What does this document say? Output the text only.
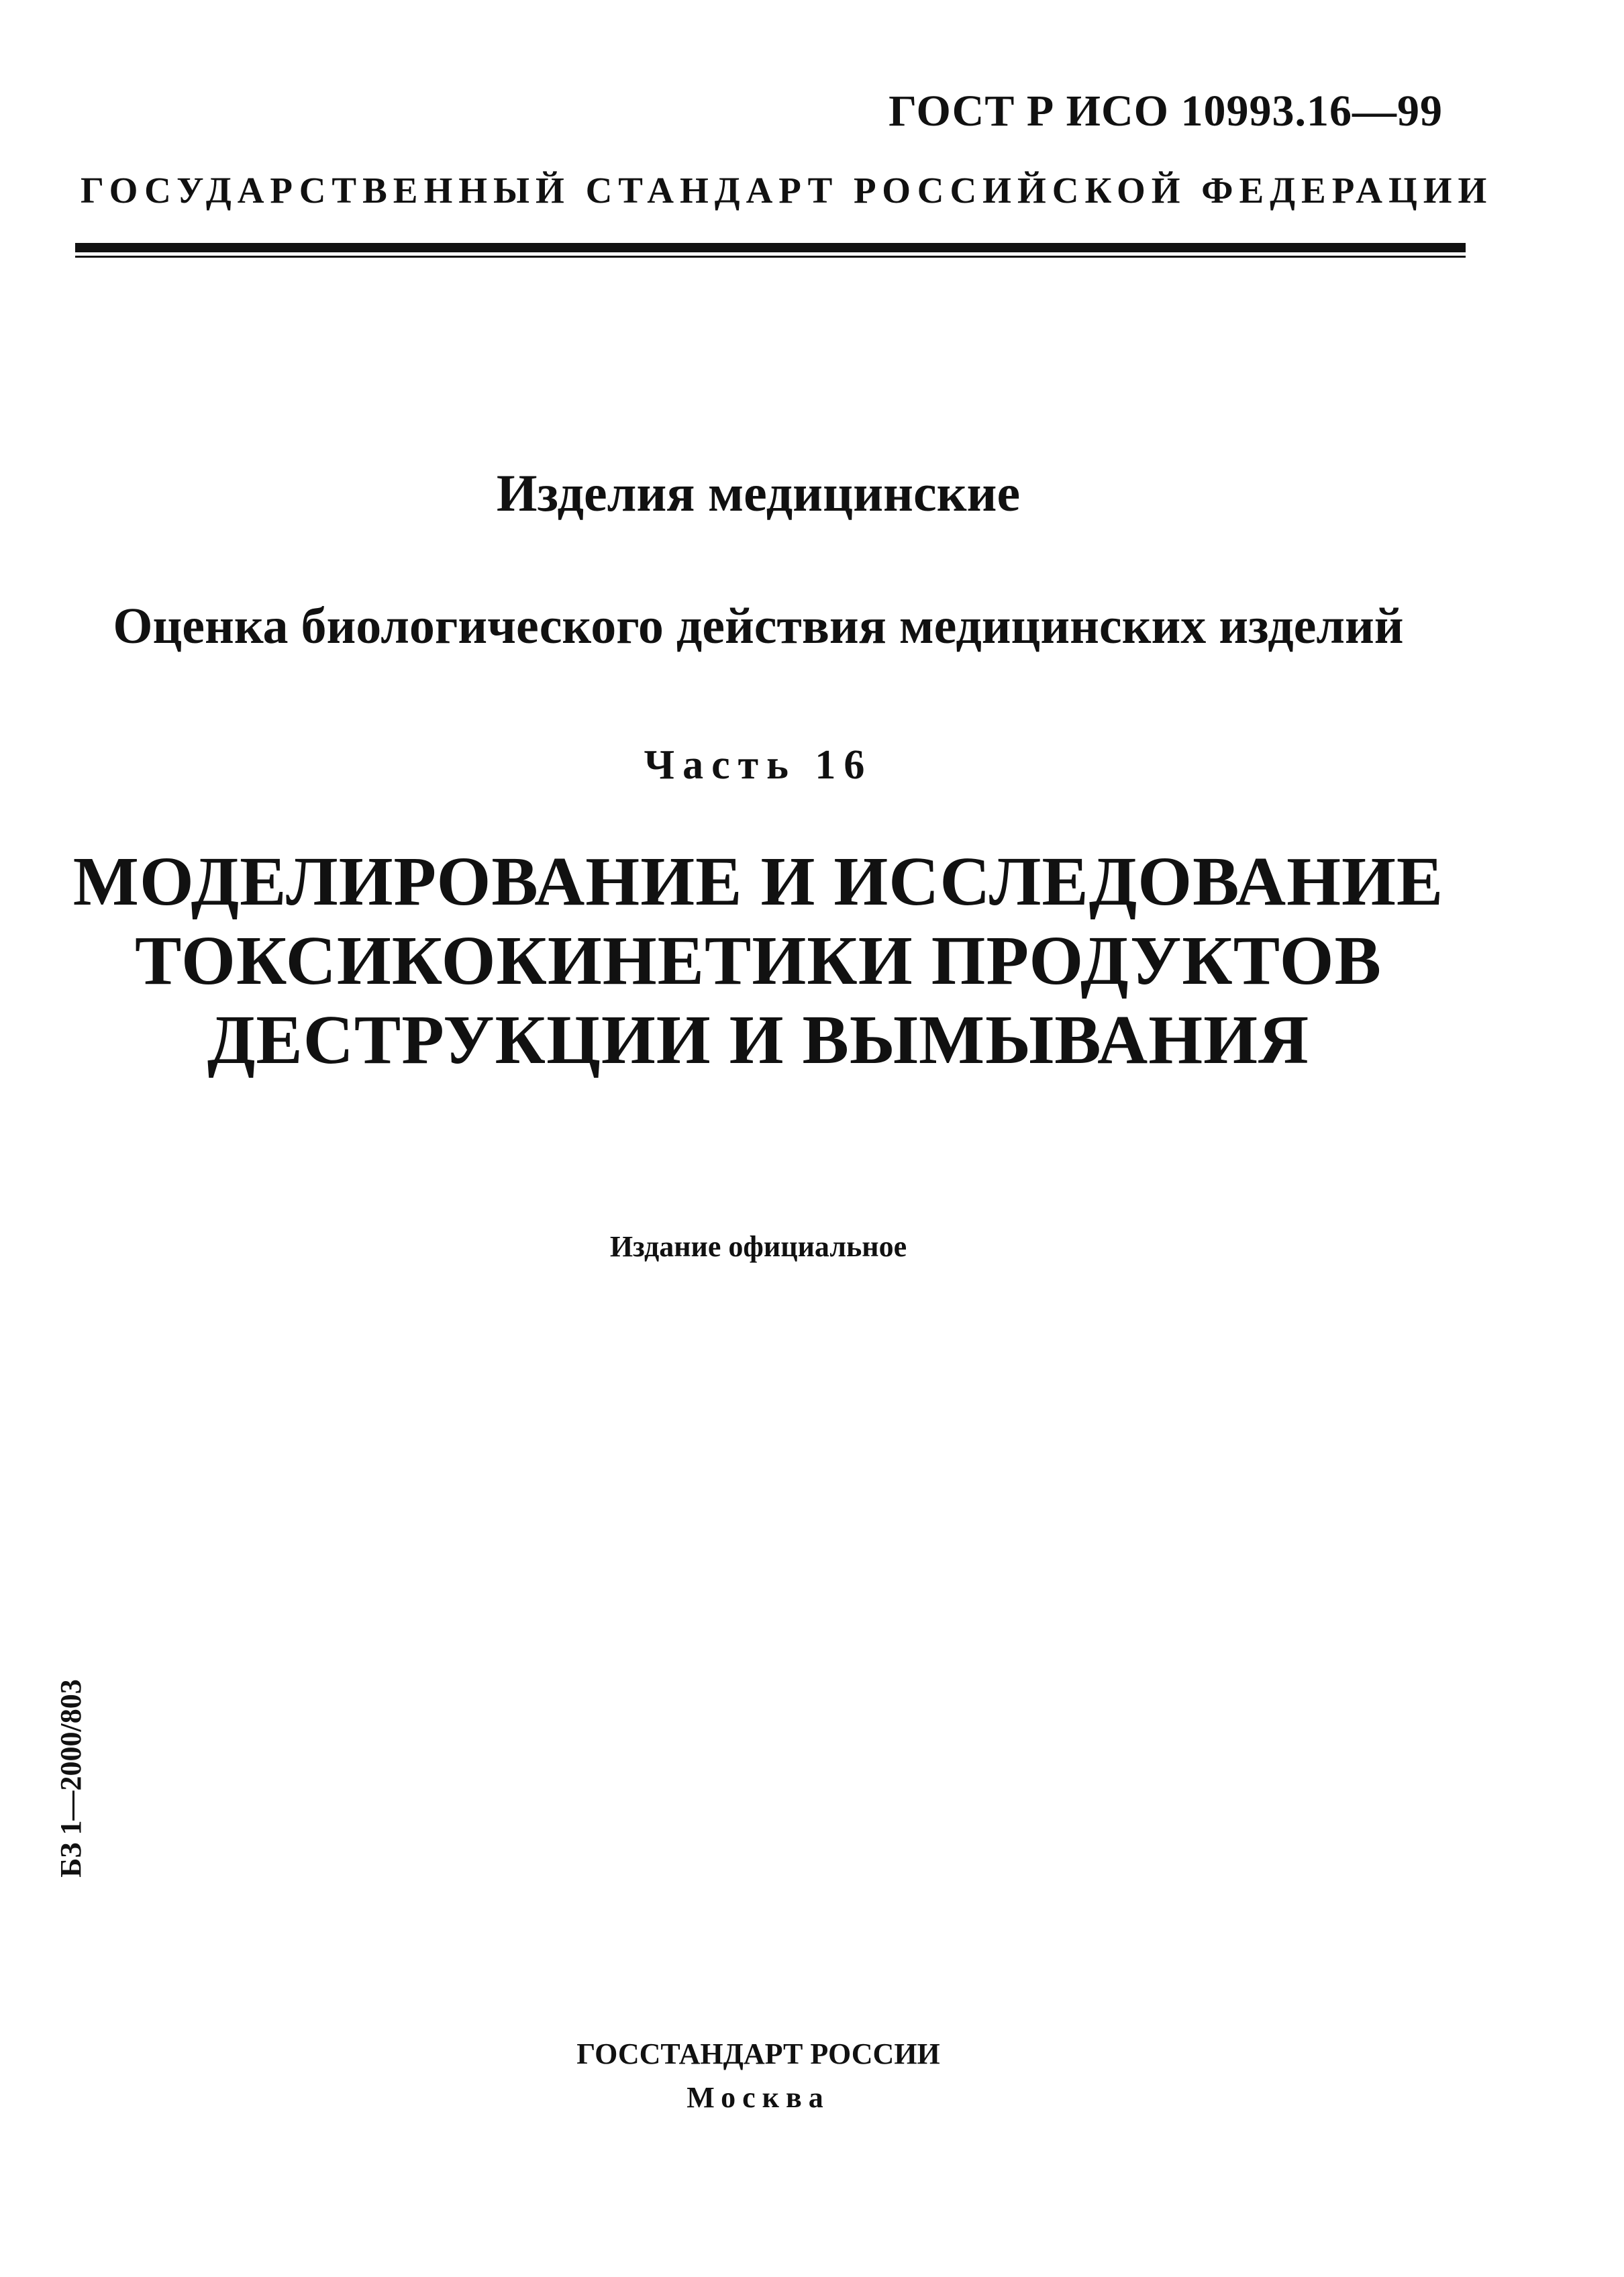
ГОСТ Р ИСО 10993.16—99
ГОСУДАРСТВЕННЫЙ СТАНДАРТ РОССИЙСКОЙ ФЕДЕРАЦИИ
Изделия медицинские
Оценка биологического действия медицинских изделий
Часть 16
МОДЕЛИРОВАНИЕ И ИССЛЕДОВАНИЕ
ТОКСИКОКИНЕТИКИ ПРОДУКТОВ
ДЕСТРУКЦИИ И ВЫМЫВАНИЯ
Издание официальное
БЗ 1—2000/803
ГОССТАНДАРТ РОССИИ
Москва
